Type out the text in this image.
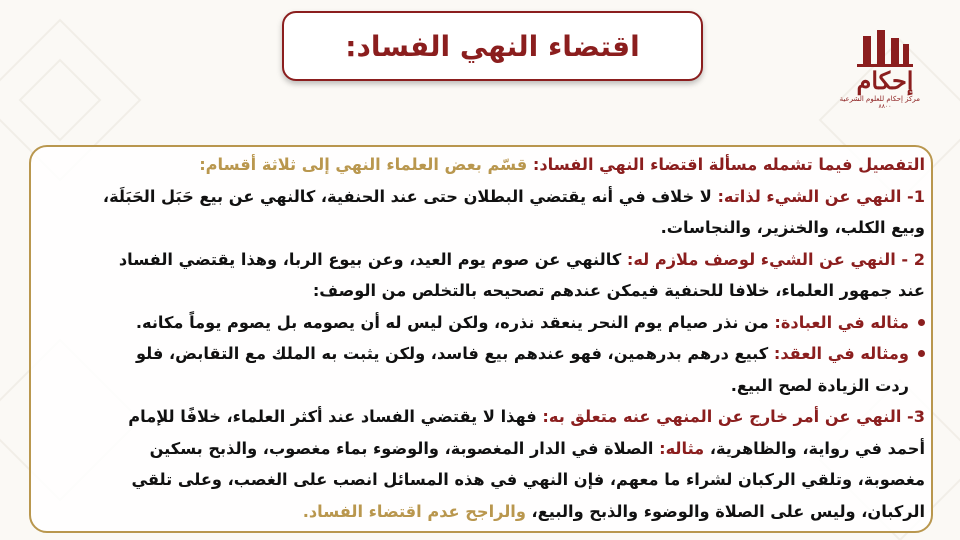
اقتضاء النهي الفساد:
إحكام
مركز إحكام للعلوم الشرعية
٨٨٠٠
التفصيل فيما تشمله مسألة اقتضاء النهي الفساد: قسّم بعض العلماء النهي إلى ثلاثة أقسام:
1- النهي عن الشيء لذاته: لا خلاف في أنه يقتضي البطلان حتى عند الحنفية، كالنهي عن بيع حَبَل الحَبَلَة،
وبيع الكلب، والخنزير، والنجاسات.
2 - النهي عن الشيء لوصف ملازم له: كالنهي عن صوم يوم العيد، وعن بيوع الربا، وهذا يقتضي الفساد
عند جمهور العلماء، خلافا للحنفية فيمكن عندهم تصحيحه بالتخلص من الوصف:
مثاله في العبادة: من نذر صيام يوم النحر ينعقد نذره، ولكن ليس له أن يصومه بل يصوم يوماً مكانه.
ومثاله في العقد: كبيع درهم بدرهمين، فهو عندهم بيع فاسد، ولكن يثبت به الملك مع التقابض، فلو
ردت الزيادة لصح البيع.
3- النهي عن أمر خارج عن المنهي عنه متعلق به: فهذا لا يقتضي الفساد عند أكثر العلماء، خلافًا للإمام
أحمد في رواية، والظاهرية، مثاله: الصلاة في الدار المغصوبة، والوضوء بماء مغصوب، والذبح بسكين
مغصوبة، وتلقي الركبان لشراء ما معهم، فإن النهي في هذه المسائل انصب على الغصب، وعلى تلقي
الركبان، وليس على الصلاة والوضوء والذبح والبيع، والراجح عدم اقتضاء الفساد.
